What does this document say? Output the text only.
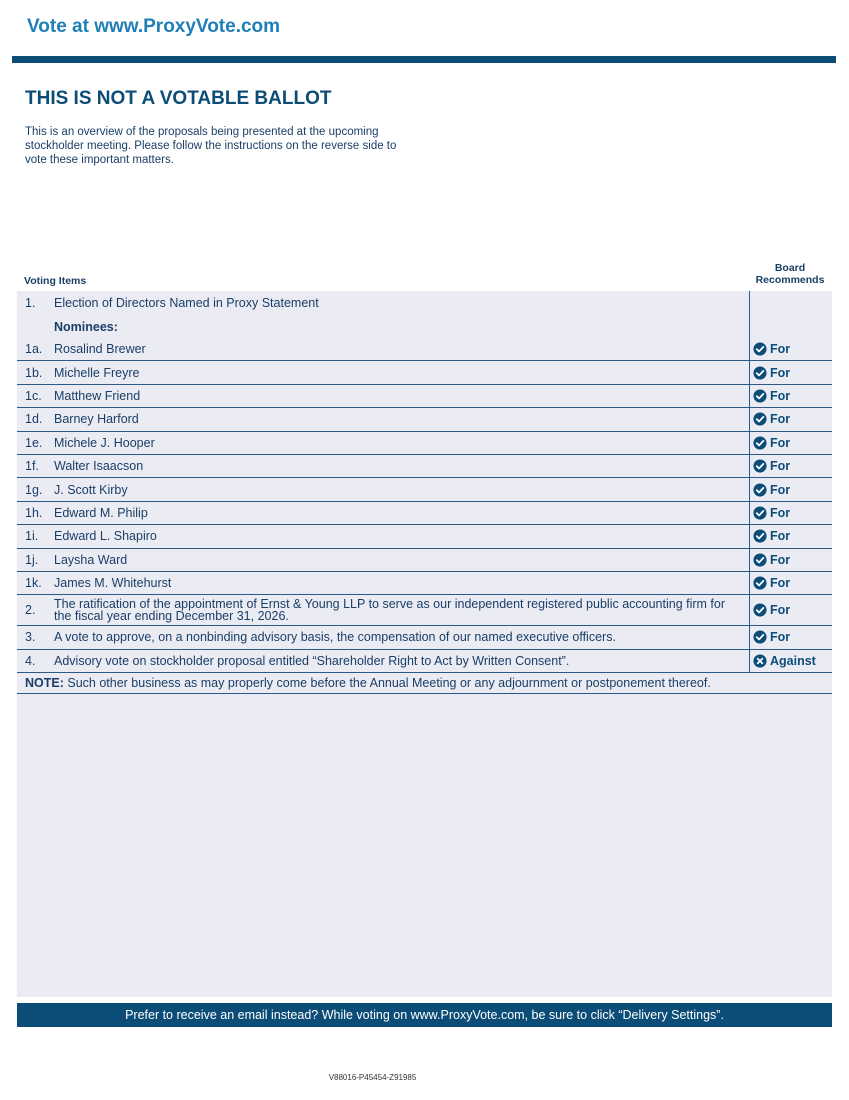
Vote at www.ProxyVote.com
THIS IS NOT A VOTABLE BALLOT
This is an overview of the proposals being presented at the upcoming stockholder meeting. Please follow the instructions on the reverse side to vote these important matters.
Voting Items
Board Recommends
1.	Election of Directors Named in Proxy Statement
Nominees:
1a. Rosalind Brewer	For
1b. Michelle Freyre	For
1c. Matthew Friend	For
1d. Barney Harford	For
1e. Michele J. Hooper	For
1f.	Walter Isaacson	For
1g. J. Scott Kirby	For
1h. Edward M. Philip	For
1i.	Edward L. Shapiro	For
1j.	Laysha Ward	For
1k. James M. Whitehurst	For
2.	The ratification of the appointment of Ernst & Young LLP to serve as our independent registered public accounting firm for the fiscal year ending December 31, 2026.	For
3.	A vote to approve, on a nonbinding advisory basis, the compensation of our named executive officers.	For
4.	Advisory vote on stockholder proposal entitled “Shareholder Right to Act by Written Consent”.	Against
NOTE: Such other business as may properly come before the Annual Meeting or any adjournment or postponement thereof.
Prefer to receive an email instead? While voting on www.ProxyVote.com, be sure to click “Delivery Settings”.
V88016-P45454-Z91985
